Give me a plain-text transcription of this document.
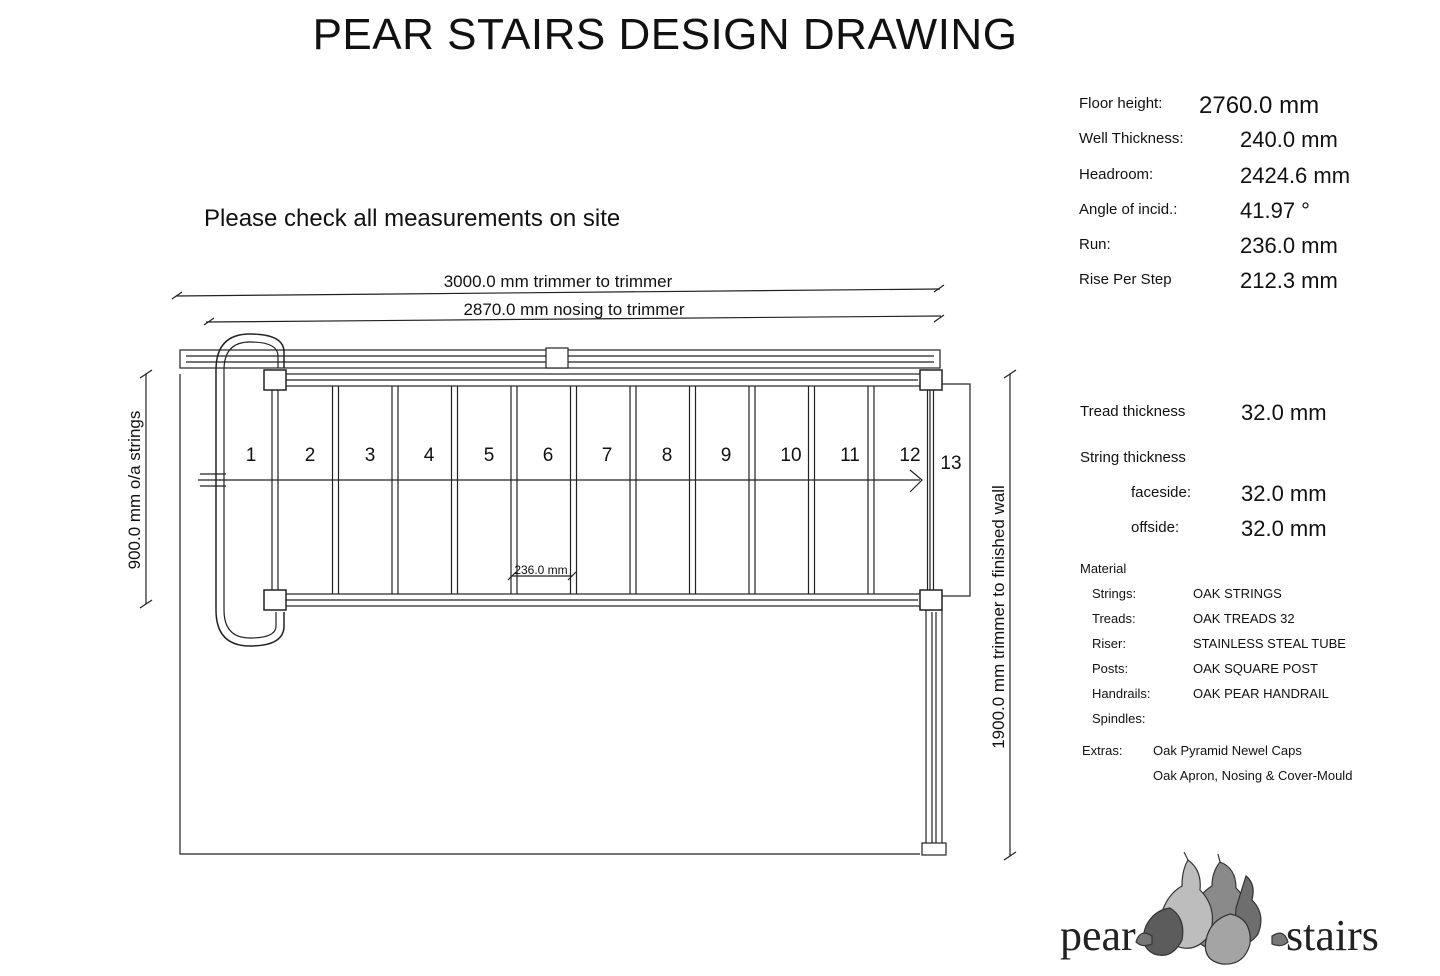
PEAR STAIRS DESIGN DRAWING
Please check all measurements on site
1	2	3	4	5	6	7	8	9	10 11 12 13
3000.0 mm trimmer to trimmer
2870.0 mm nosing to trimmer
236.0 mm
900.0 mm o/a strings	1900.0 mm trimmer to finished wall
Floor height: 2760.0 mm
Well Thickness:	240.0 mm
Headroom:	2424.6 mm
Angle of incid.:	41.97 °
Run:	236.0 mm
Rise Per Step	212.3 mm
Tread thickness	32.0 mm
String thickness
faceside: 32.0 mm
offside:	32.0 mm
Material
Strings:	OAK STRINGS
Treads:	OAK TREADS 32
Riser:	STAINLESS STEAL TUBE
Posts:	OAK SQUARE POST
Handrails:	OAK PEAR HANDRAIL
Spindles:
Extras: Oak Pyramid Newel Caps
Oak Apron, Nosing & Cover-Mould
pear	stairs
